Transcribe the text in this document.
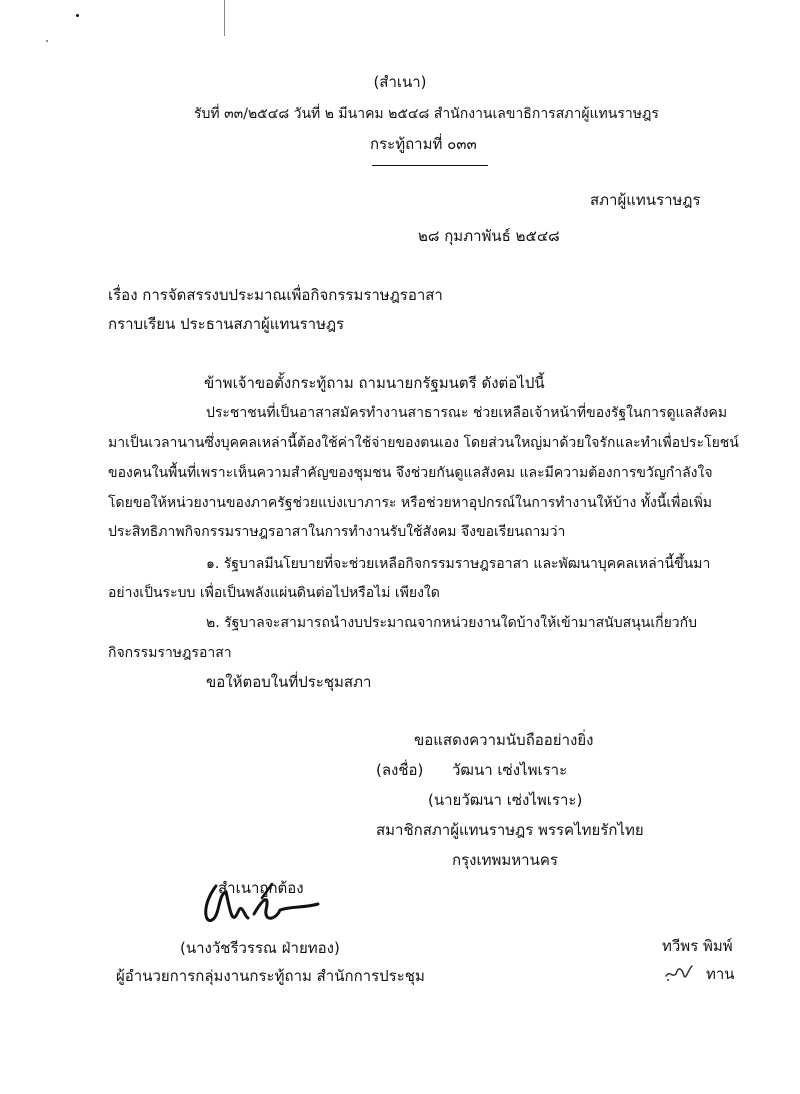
(สำเนา)
รับที่ ๓๓/๒๕๔๘ วันที่ ๒ มีนาคม ๒๕๔๘ สำนักงานเลขาธิการสภาผู้แทนราษฎร
กระทู้ถามที่ ๐๓๓
สภาผู้แทนราษฎร
๒๘ กุมภาพันธ์ ๒๕๔๘
เรื่อง การจัดสรรงบประมาณเพื่อกิจกรรมราษฎรอาสา
กราบเรียน ประธานสภาผู้แทนราษฎร
ข้าพเจ้าขอตั้งกระทู้ถาม ถามนายกรัฐมนตรี ดังต่อไปนี้
ประชาชนที่เป็นอาสาสมัครทำงานสาธารณะ ช่วยเหลือเจ้าหน้าที่ของรัฐในการดูแลสังคม
มาเป็นเวลานานซึ่งบุคคลเหล่านี้ต้องใช้ค่าใช้จ่ายของตนเอง โดยส่วนใหญ่มาด้วยใจรักและทำเพื่อประโยชน์
ของคนในพื้นที่เพราะเห็นความสำคัญของชุมชน จึงช่วยกันดูแลสังคม และมีความต้องการขวัญกำลังใจ
โดยขอให้หน่วยงานของภาครัฐช่วยแบ่งเบาภาระ หรือช่วยหาอุปกรณ์ในการทำงานให้บ้าง ทั้งนี้เพื่อเพิ่ม
ประสิทธิภาพกิจกรรมราษฎรอาสาในการทำงานรับใช้สังคม จึงขอเรียนถามว่า
๑. รัฐบาลมีนโยบายที่จะช่วยเหลือกิจกรรมราษฎรอาสา และพัฒนาบุคคลเหล่านี้ขึ้นมา
อย่างเป็นระบบ เพื่อเป็นพลังแผ่นดินต่อไปหรือไม่ เพียงใด
๒. รัฐบาลจะสามารถนำงบประมาณจากหน่วยงานใดบ้างให้เข้ามาสนับสนุนเกี่ยวกับ
กิจกรรมราษฎรอาสา
ขอให้ตอบในที่ประชุมสภา
ขอแสดงความนับถืออย่างยิ่ง
(ลงชื่อ) วัฒนา เซ่งไพเราะ
(นายวัฒนา เซ่งไพเราะ)
สมาชิกสภาผู้แทนราษฎร พรรคไทยรักไทย
กรุงเทพมหานคร
สำเนาถูกต้อง
(นางวัชรีวรรณ ฝ่ายทอง)
ผู้อำนวยการกลุ่มงานกระทู้ถาม สำนักการประชุม
ทวีพร พิมพ์
ทาน
